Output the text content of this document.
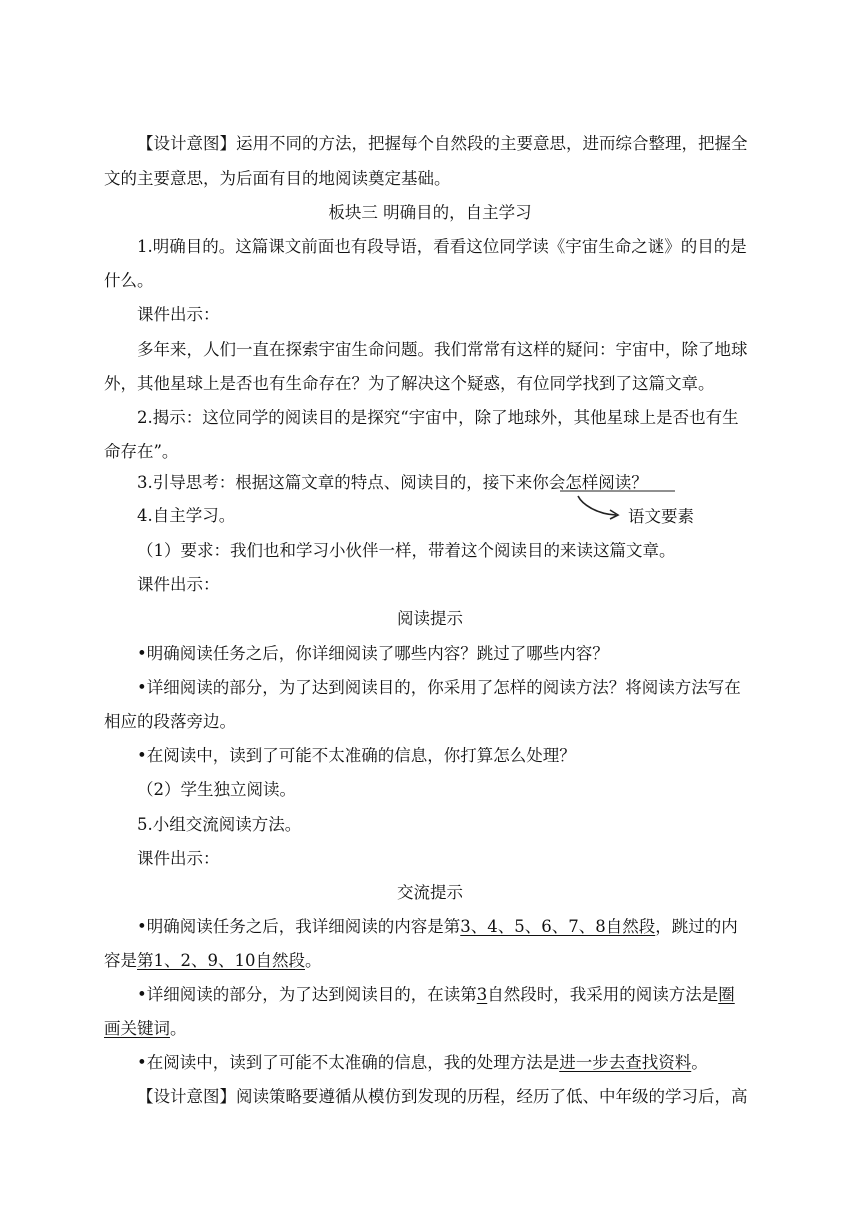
【设计意图】运用不同的方法，把握每个自然段的主要意思，进而综合整理，把握全
文的主要意思，为后面有目的地阅读奠定基础。
板块三 明确目的，自主学习
1.明确目的。这篇课文前面也有段导语，看看这位同学读《宇宙生命之谜》的目的是
什么。
课件出示：
多年来，人们一直在探索宇宙生命问题。我们常常有这样的疑问：宇宙中，除了地球
外，其他星球上是否也有生命存在？为了解决这个疑惑，有位同学找到了这篇文章。
2.揭示：这位同学的阅读目的是探究“宇宙中，除了地球外，其他星球上是否也有生
命存在”。
3.引导思考：根据这篇文章的特点、阅读目的，接下来你会怎样阅读？
4.自主学习。	语文要素
（1）要求：我们也和学习小伙伴一样，带着这个阅读目的来读这篇文章。
课件出示：
阅读提示
•明确阅读任务之后，你详细阅读了哪些内容？跳过了哪些内容？
•详细阅读的部分，为了达到阅读目的，你采用了怎样的阅读方法？将阅读方法写在
相应的段落旁边。
•在阅读中，读到了可能不太准确的信息，你打算怎么处理？
（2）学生独立阅读。
5.小组交流阅读方法。
课件出示：
交流提示
•明确阅读任务之后，我详细阅读的内容是第3、4、5、6、7、8自然段，跳过的内
容是第1、2、9、10自然段。
•详细阅读的部分，为了达到阅读目的，在读第3自然段时，我采用的阅读方法是圈
画关键词。
•在阅读中，读到了可能不太准确的信息，我的处理方法是进一步去查找资料。
【设计意图】阅读策略要遵循从模仿到发现的历程，经历了低、中年级的学习后，高
